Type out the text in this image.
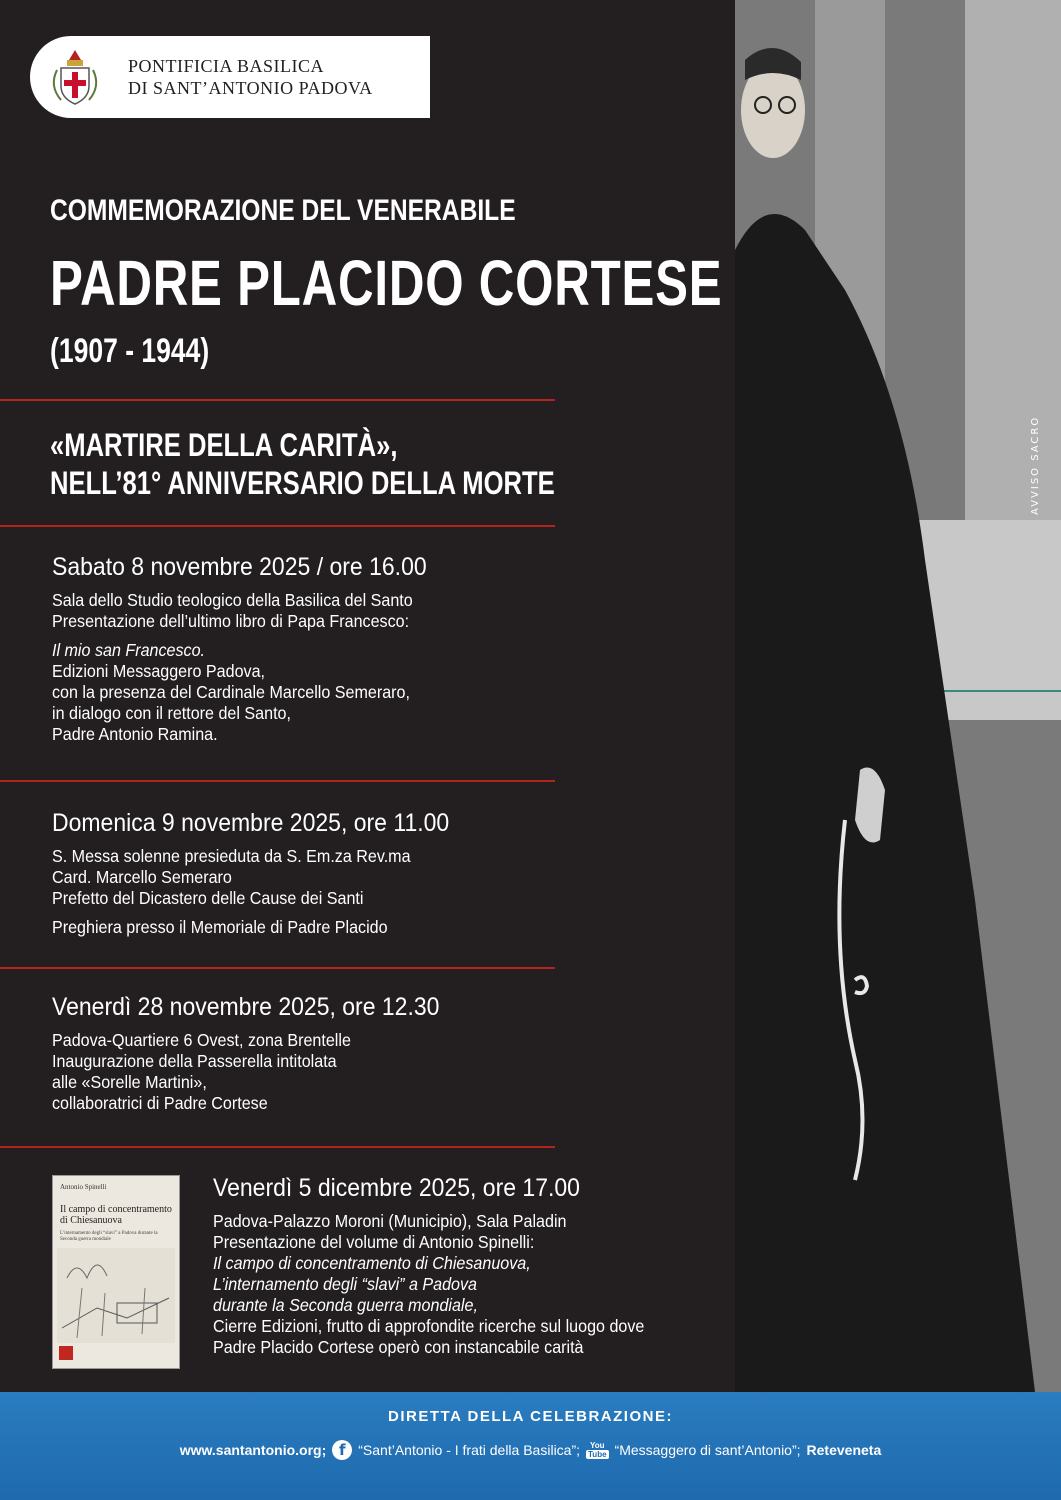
AVVISO SACRO
PONTIFICIA BASILICA
DI SANT’ANTONIO PADOVA
COMMEMORAZIONE DEL VENERABILE
PADRE PLACIDO CORTESE
(1907 - 1944)
«MARTIRE DELLA CARITÀ»,
NELL’81° ANNIVERSARIO DELLA MORTE
Sabato 8 novembre 2025 / ore 16.00
Sala dello Studio teologico della Basilica del Santo
Presentazione dell’ultimo libro di Papa Francesco:
Il mio san Francesco.
Edizioni Messaggero Padova,
con la presenza del Cardinale Marcello Semeraro,
in dialogo con il rettore del Santo,
Padre Antonio Ramina.
Domenica 9 novembre 2025, ore 11.00
S. Messa solenne presieduta da S. Em.za Rev.ma
Card. Marcello Semeraro
Prefetto del Dicastero delle Cause dei Santi
Preghiera presso il Memoriale di Padre Placido
Venerdì 28 novembre 2025, ore 12.30
Padova-Quartiere 6 Ovest, zona Brentelle
Inaugurazione della Passerella intitolata
alle «Sorelle Martini»,
collaboratrici di Padre Cortese
Antonio Spinelli
Il campo di concentramento di Chiesanuova
L’internamento degli “slavi” a Padova durante la Seconda guerra mondiale
Venerdì 5 dicembre 2025, ore 17.00
Padova-Palazzo Moroni (Municipio), Sala Paladin
Presentazione del volume di Antonio Spinelli:
Il campo di concentramento di Chiesanuova,
L’internamento degli “slavi” a Padova
durante la Seconda guerra mondiale,
Cierre Edizioni, frutto di approfondite ricerche sul luogo dove
Padre Placido Cortese operò con instancabile carità
DIRETTA DELLA CELEBRAZIONE:
www.santantonio.org; f “Sant’Antonio - I frati della Basilica”; You
Tube “Messaggero di sant’Antonio”; Reteveneta
